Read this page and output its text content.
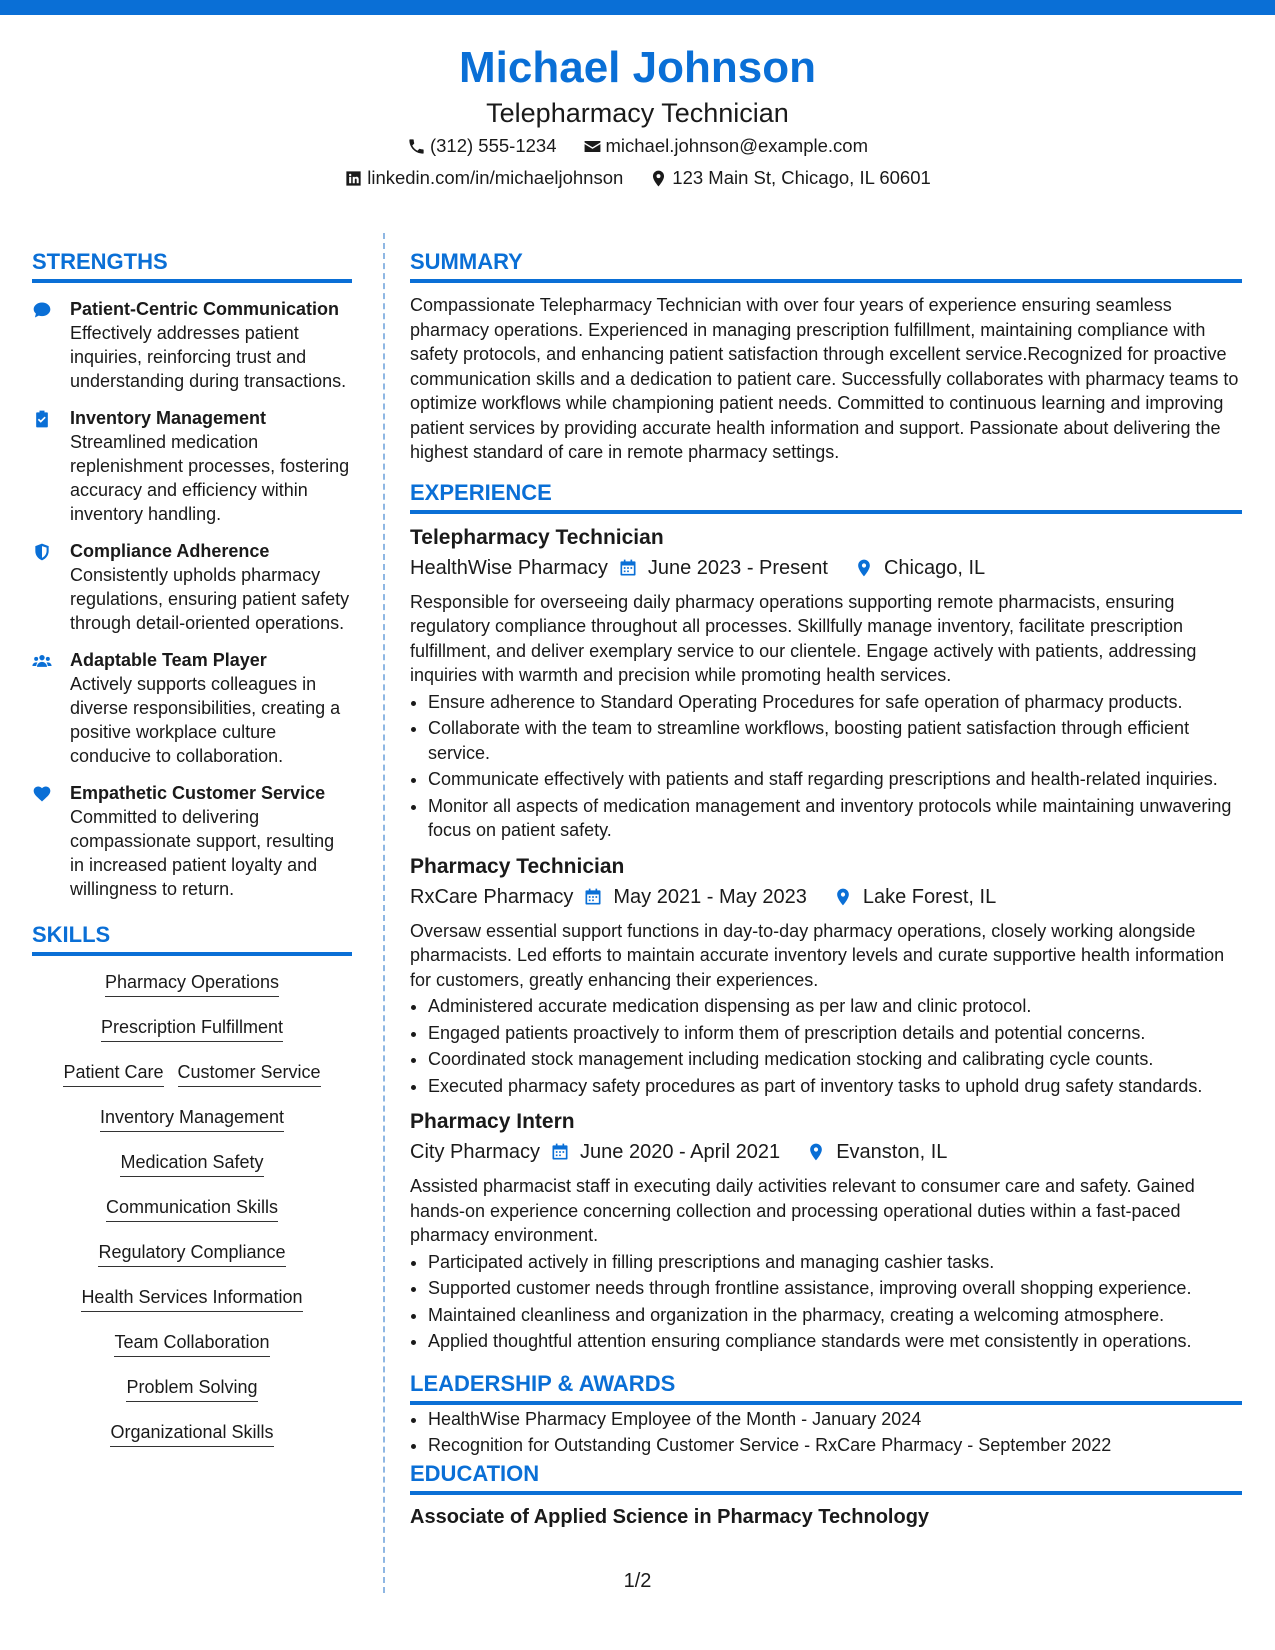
Michael Johnson
Telepharmacy Technician
(312) 555-1234	michael.johnson@example.com
linkedin.com/in/michaeljohnson	123 Main St, Chicago, IL 60601
STRENGTHS
Patient-Centric Communication
Effectively addresses patient inquiries, reinforcing trust and understanding during transactions.
Inventory Management
Streamlined medication replenishment processes, fostering accuracy and efficiency within inventory handling.
Compliance Adherence
Consistently upholds pharmacy regulations, ensuring patient safety through detail-oriented operations.
Adaptable Team Player
Actively supports colleagues in diverse responsibilities, creating a positive workplace culture conducive to collaboration.
Empathetic Customer Service
Committed to delivering compassionate support, resulting in increased patient loyalty and willingness to return.
SKILLS
Pharmacy Operations
Prescription Fulfillment
Patient Care Customer Service
Inventory Management
Medication Safety
Communication Skills
Regulatory Compliance
Health Services Information
Team Collaboration
Problem Solving
Organizational Skills
SUMMARY
Compassionate Telepharmacy Technician with over four years of experience ensuring seamless pharmacy operations. Experienced in managing prescription fulfillment, maintaining compliance with safety protocols, and enhancing patient satisfaction through excellent service.Recognized for proactive communication skills and a dedication to patient care. Successfully collaborates with pharmacy teams to optimize workflows while championing patient needs. Committed to continuous learning and improving patient services by providing accurate health information and support. Passionate about delivering the highest standard of care in remote pharmacy settings.
EXPERIENCE
Telepharmacy Technician
HealthWise Pharmacy June 2023 - Present	Chicago, IL
Responsible for overseeing daily pharmacy operations supporting remote pharmacists, ensuring regulatory compliance throughout all processes. Skillfully manage inventory, facilitate prescription fulfillment, and deliver exemplary service to our clientele. Engage actively with patients, addressing inquiries with warmth and precision while promoting health services.
• Ensure adherence to Standard Operating Procedures for safe operation of pharmacy products.
• Collaborate with the team to streamline workflows, boosting patient satisfaction through efficient service.
• Communicate effectively with patients and staff regarding prescriptions and health-related inquiries.
• Monitor all aspects of medication management and inventory protocols while maintaining unwavering focus on patient safety.
Pharmacy Technician
RxCare Pharmacy May 2021 - May 2023	Lake Forest, IL
Oversaw essential support functions in day-to-day pharmacy operations, closely working alongside pharmacists. Led efforts to maintain accurate inventory levels and curate supportive health information for customers, greatly enhancing their experiences.
• Administered accurate medication dispensing as per law and clinic protocol.
• Engaged patients proactively to inform them of prescription details and potential concerns.
• Coordinated stock management including medication stocking and calibrating cycle counts.
• Executed pharmacy safety procedures as part of inventory tasks to uphold drug safety standards.
Pharmacy Intern
City Pharmacy June 2020 - April 2021	Evanston, IL
Assisted pharmacist staff in executing daily activities relevant to consumer care and safety. Gained hands-on experience concerning collection and processing operational duties within a fast-paced pharmacy environment.
• Participated actively in filling prescriptions and managing cashier tasks.
• Supported customer needs through frontline assistance, improving overall shopping experience.
• Maintained cleanliness and organization in the pharmacy, creating a welcoming atmosphere.
• Applied thoughtful attention ensuring compliance standards were met consistently in operations.
LEADERSHIP & AWARDS
• HealthWise Pharmacy Employee of the Month - January 2024
• Recognition for Outstanding Customer Service - RxCare Pharmacy - September 2022
EDUCATION
Associate of Applied Science in Pharmacy Technology
1/2
